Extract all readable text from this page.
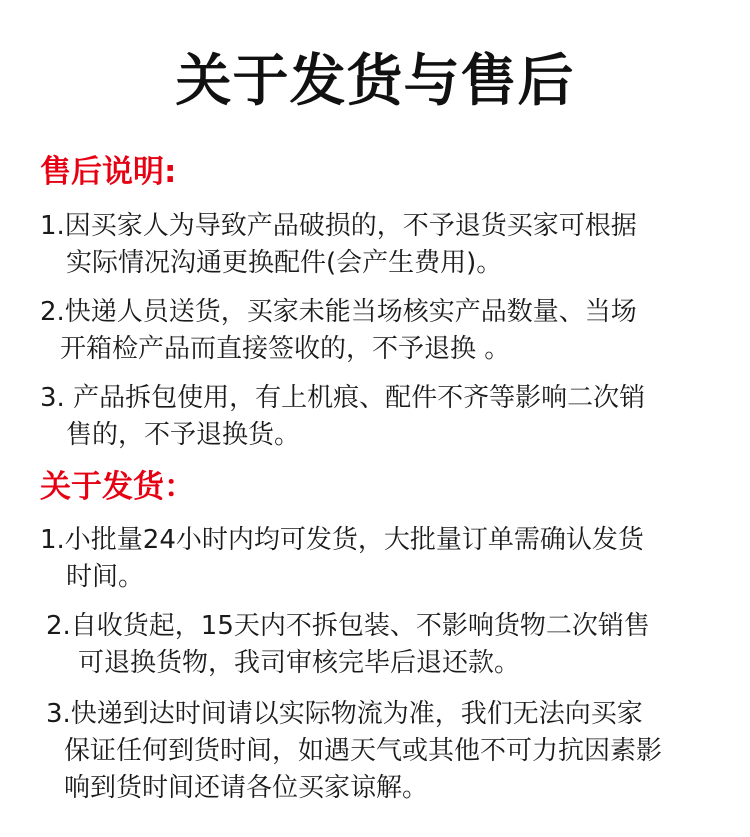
关于发货与售后
售后说明:
1.因买家人为导致产品破损的，不予退货买家可根据
实际情况沟通更换配件(会产生费用)。
2.快递人员送货，买家未能当场核实产品数量、当场
开箱检产品而直接签收的，不予退换 。
3. 产品拆包使用，有上机痕、配件不齐等影响二次销
售的，不予退换货。
关于发货：
1.小批量24小时内均可发货，大批量订单需确认发货
时间。
2.自收货起，15天内不拆包装、不影响货物二次销售
可退换货物，我司审核完毕后退还款。
3.快递到达时间请以实际物流为准，我们无法向买家
保证任何到货时间，如遇天气或其他不可力抗因素影
响到货时间还请各位买家谅解。
